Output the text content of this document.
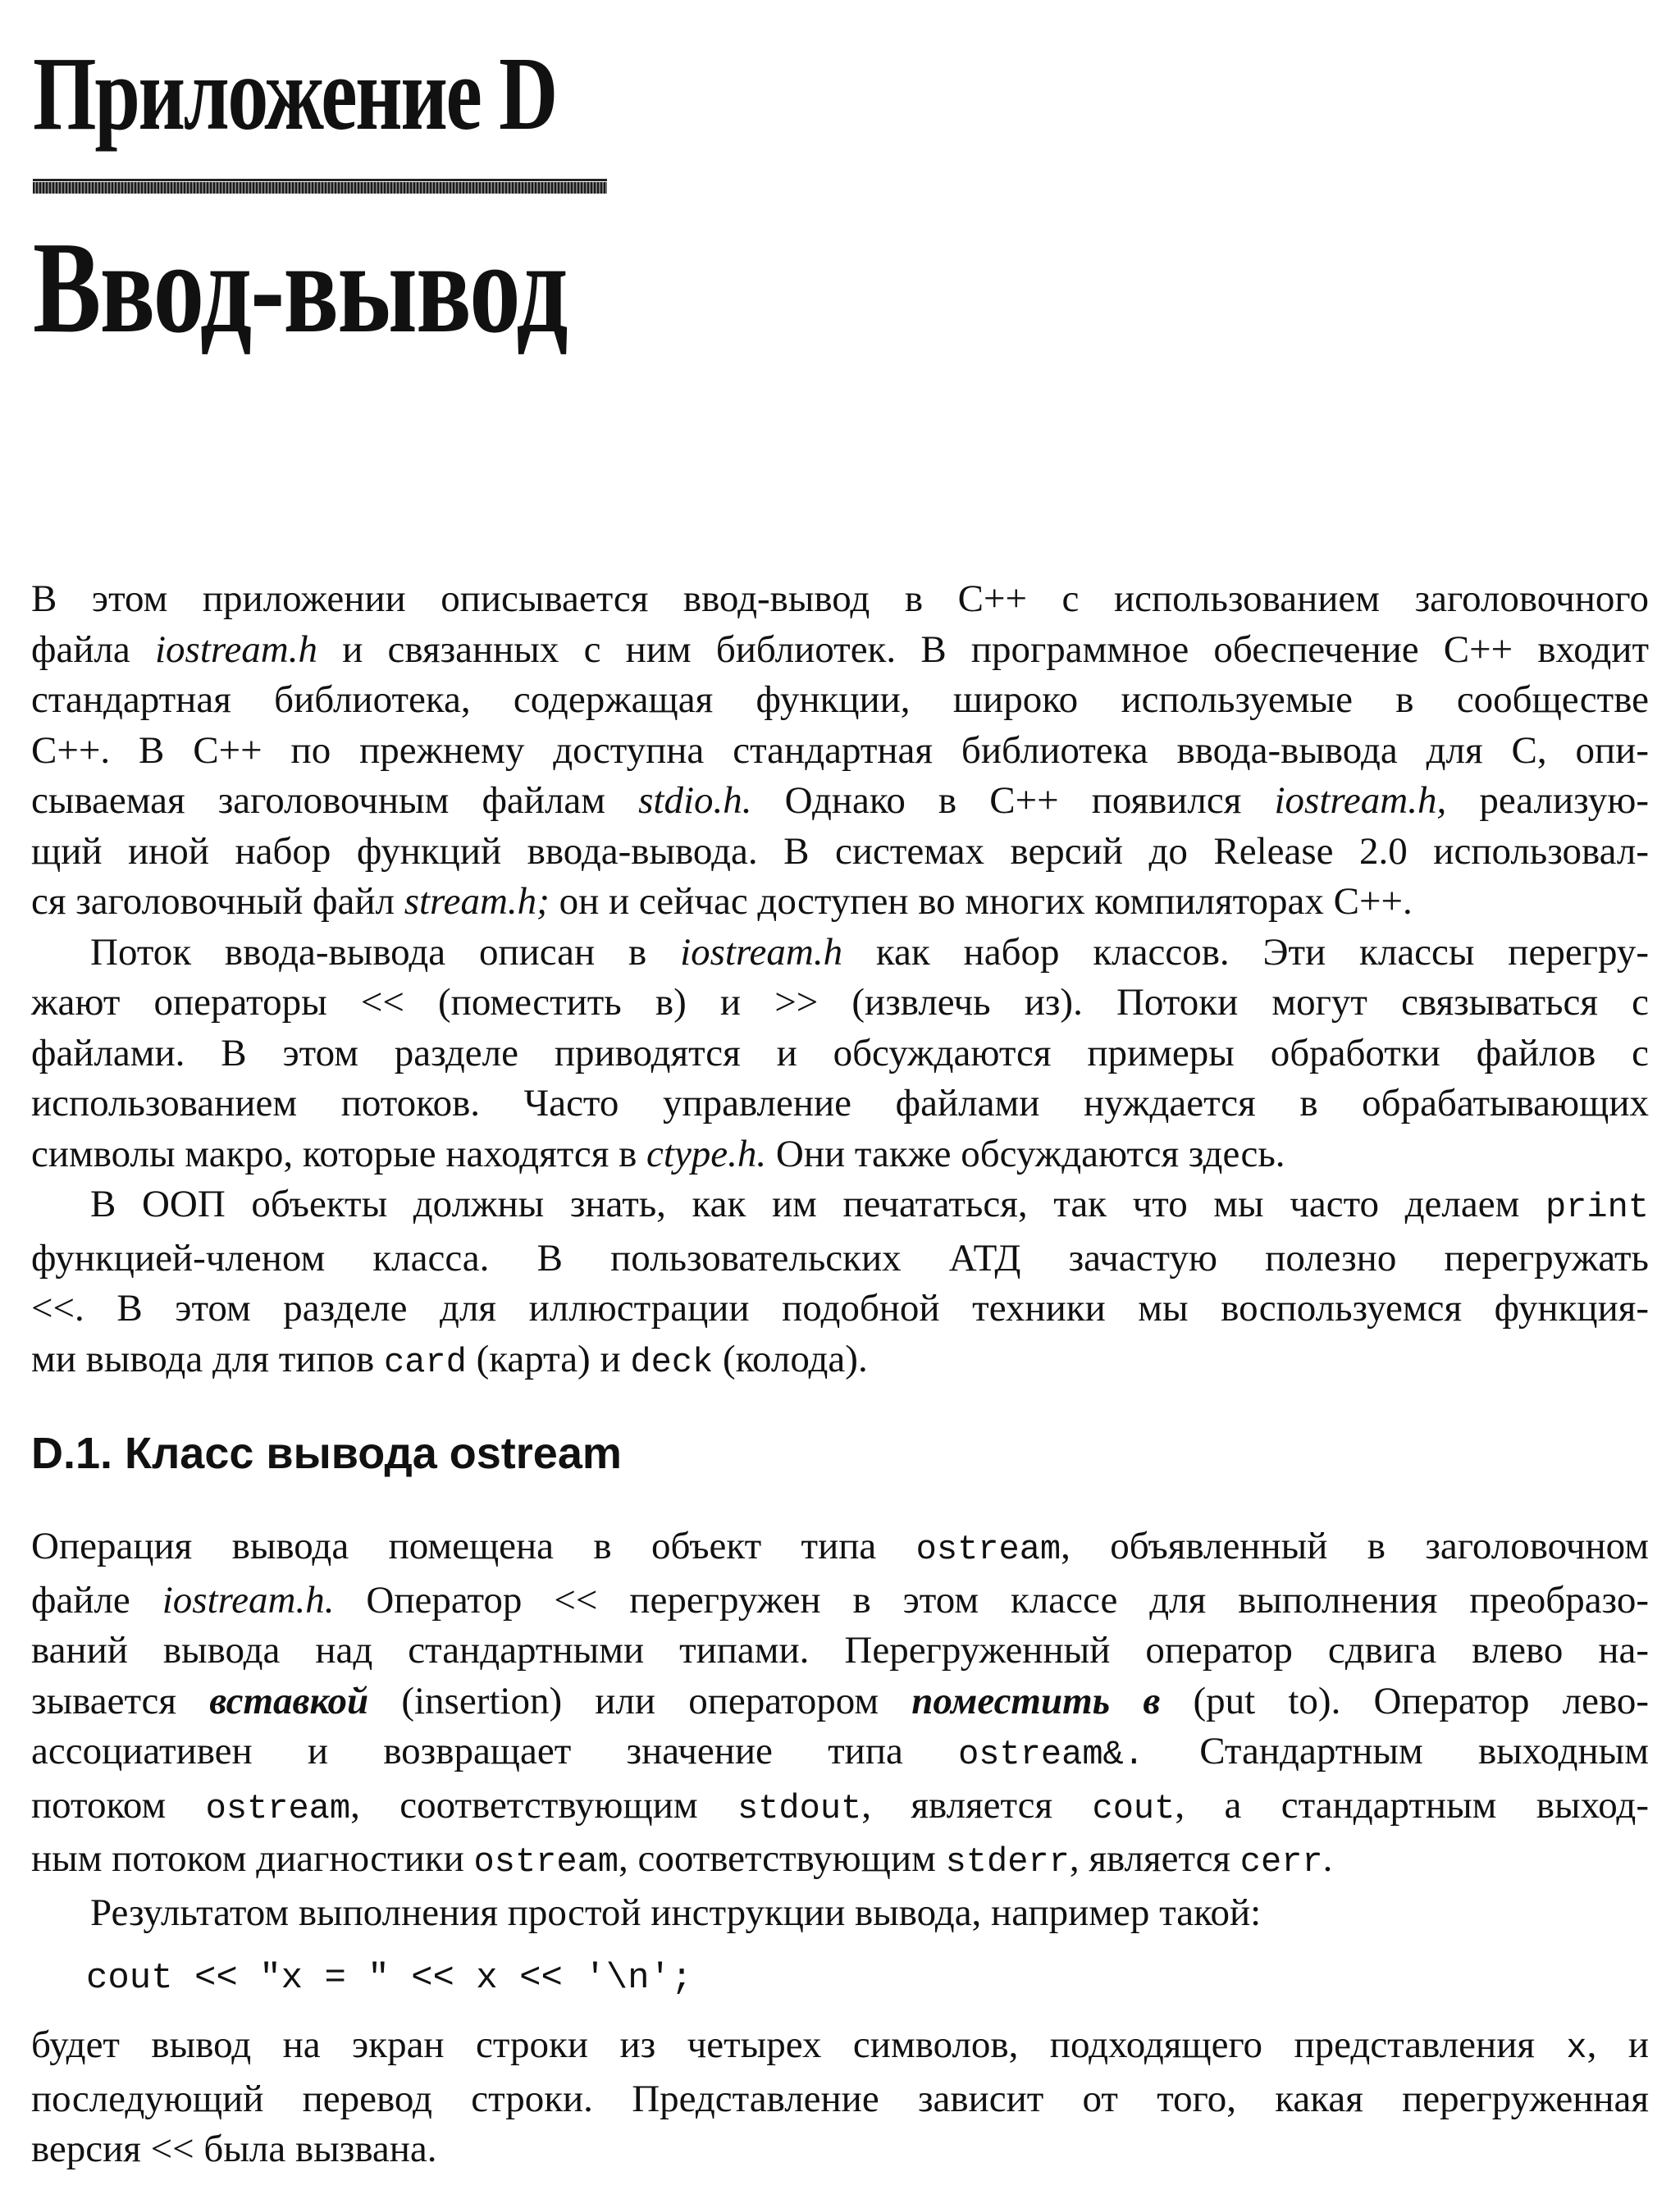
Приложение D
Ввод-вывод
В этом приложении описывается ввод-вывод в C++ с использованием заголовочного
файла iostream.h и связанных с ним библиотек. В программное обеспечение C++ входит
стандартная библиотека, содержащая функции, широко используемые в сообществе
C++. В C++ по прежнему доступна стандартная библиотека ввода-вывода для C, опи-
сываемая заголовочным файлам stdio.h. Однако в C++ появился iostream.h, реализую-
щий иной набор функций ввода-вывода. В системах версий до Release 2.0 использовал-
ся заголовочный файл stream.h; он и сейчас доступен во многих компиляторах C++.
Поток ввода-вывода описан в iostream.h как набор классов. Эти классы перегру-
жают операторы << (поместить в) и >> (извлечь из). Потоки могут связываться с
файлами. В этом разделе приводятся и обсуждаются примеры обработки файлов с
использованием потоков. Часто управление файлами нуждается в обрабатывающих
символы макро, которые находятся в ctype.h. Они также обсуждаются здесь.
В ООП объекты должны знать, как им печататься, так что мы часто делаем print
функцией-членом класса. В пользовательских АТД зачастую полезно перегружать
<<. В этом разделе для иллюстрации подобной техники мы воспользуемся функция-
ми вывода для типов card (карта) и deck (колода).
D.1. Класс вывода ostream
Операция вывода помещена в объект типа ostream, объявленный в заголовочном
файле iostream.h. Оператор << перегружен в этом классе для выполнения преобразо-
ваний вывода над стандартными типами. Перегруженный оператор сдвига влево на-
зывается вставкой (insertion) или оператором поместить в (put to). Оператор лево-
ассоциативен и возвращает значение типа ostream&. Стандартным выходным
потоком ostream, соответствующим stdout, является cout, а стандартным выход-
ным потоком диагностики ostream, соответствующим stderr, является cerr.
Результатом выполнения простой инструкции вывода, например такой:
cout << "x = " << x << '\n';
будет вывод на экран строки из четырех символов, подходящего представления x, и
последующий перевод строки. Представление зависит от того, какая перегруженная
версия << была вызвана.
